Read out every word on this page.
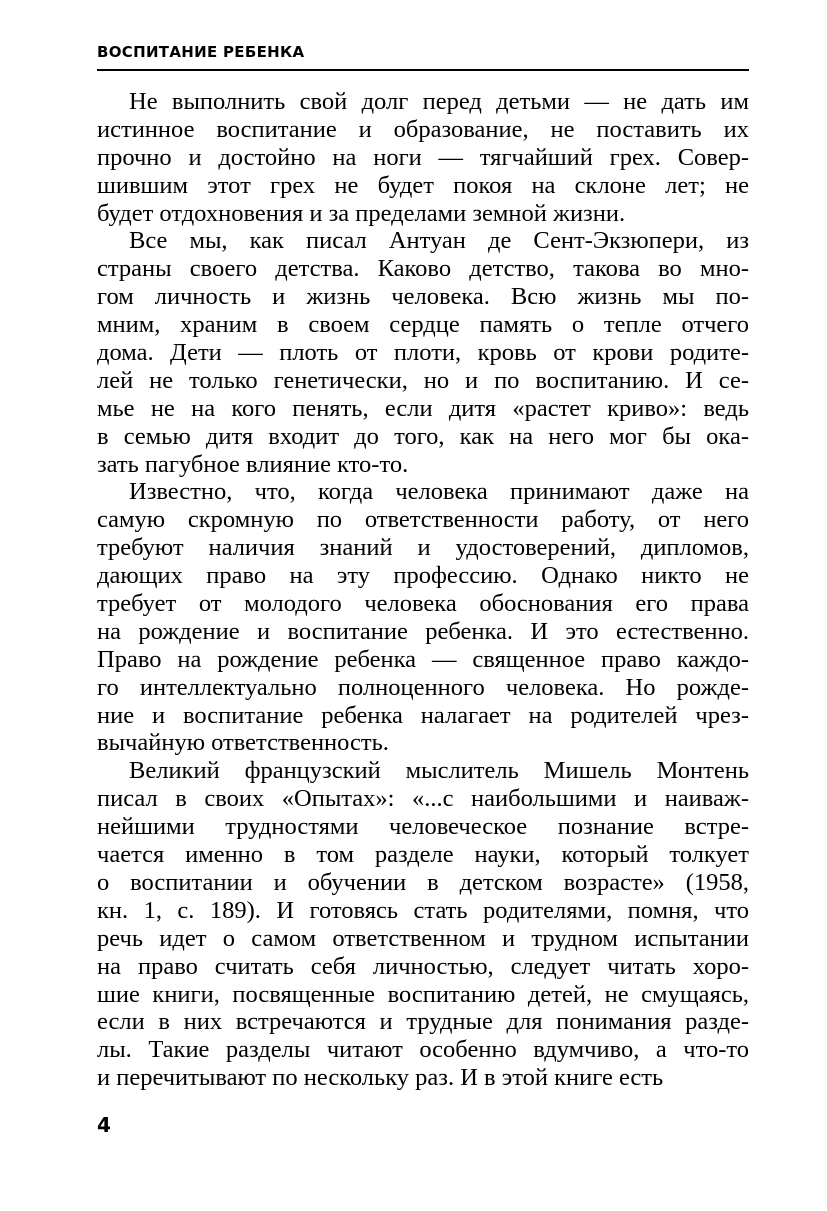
ВОСПИТАНИЕ РЕБЕНКА
Не выполнить свой долг перед детьми — не дать им
истинное воспитание и образование, не поставить их
прочно и достойно на ноги — тягчайший грех. Совер-
шившим этот грех не будет покоя на склоне лет; не
будет отдохновения и за пределами земной жизни.
Все мы, как писал Антуан де Сент-Экзюпери, из
страны своего детства. Каково детство, такова во мно-
гом личность и жизнь человека. Всю жизнь мы по-
мним, храним в своем сердце память о тепле отчего
дома. Дети — плоть от плоти, кровь от крови родите-
лей не только генетически, но и по воспитанию. И се-
мье не на кого пенять, если дитя «растет криво»: ведь
в семью дитя входит до того, как на него мог бы ока-
зать пагубное влияние кто-то.
Известно, что, когда человека принимают даже на
самую скромную по ответственности работу, от него
требуют наличия знаний и удостоверений, дипломов,
дающих право на эту профессию. Однако никто не
требует от молодого человека обоснования его права
на рождение и воспитание ребенка. И это естественно.
Право на рождение ребенка — священное право каждо-
го интеллектуально полноценного человека. Но рожде-
ние и воспитание ребенка налагает на родителей чрез-
вычайную ответственность.
Великий французский мыслитель Мишель Монтень
писал в своих «Опытах»: «...с наибольшими и наиваж-
нейшими трудностями человеческое познание встре-
чается именно в том разделе науки, который толкует
о воспитании и обучении в детском возрасте» (1958,
кн. 1, с. 189). И готовясь стать родителями, помня, что
речь идет о самом ответственном и трудном испытании
на право считать себя личностью, следует читать хоро-
шие книги, посвященные воспитанию детей, не смущаясь,
если в них встречаются и трудные для понимания разде-
лы. Такие разделы читают особенно вдумчиво, а что-то
и перечитывают по нескольку раз. И в этой книге есть
4
